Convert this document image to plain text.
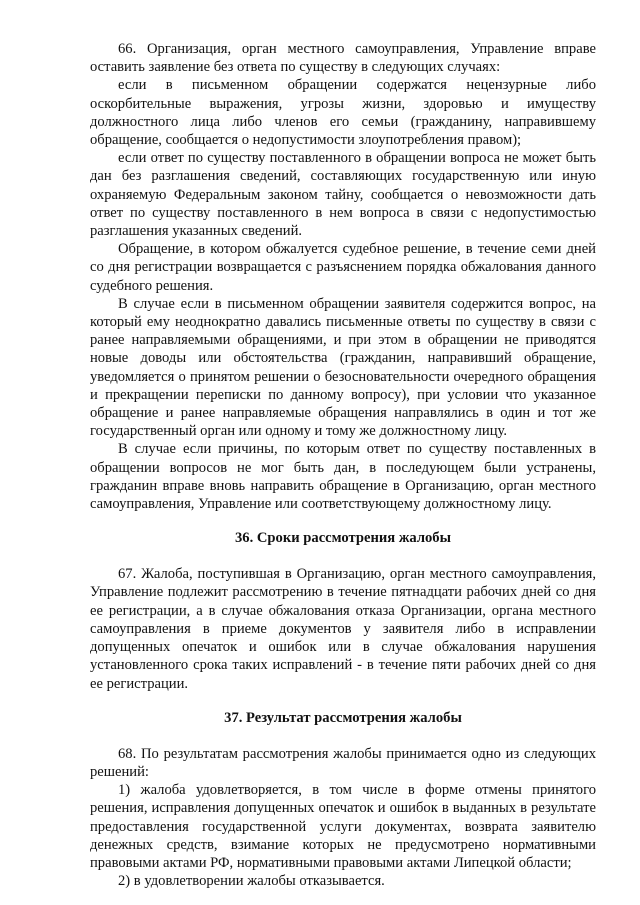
66. Организация, орган местного самоуправления, Управление вправе оставить заявление без ответа по существу в следующих случаях:

если в письменном обращении содержатся нецензурные либо оскорбительные выражения, угрозы жизни, здоровью и имуществу должностного лица либо членов его семьи (гражданину, направившему обращение, сообщается о недопустимости злоупотребления правом);

если ответ по существу поставленного в обращении вопроса не может быть дан без разглашения сведений, составляющих государственную или иную охраняемую Федеральным законом тайну, сообщается о невозможности дать ответ по существу поставленного в нем вопроса в связи с недопустимостью разглашения указанных сведений.

Обращение, в котором обжалуется судебное решение, в течение семи дней со дня регистрации возвращается с разъяснением порядка обжалования данного судебного решения.

В случае если в письменном обращении заявителя содержится вопрос, на который ему неоднократно давались письменные ответы по существу в связи с ранее направляемыми обращениями, и при этом в обращении не приводятся новые доводы или обстоятельства (гражданин, направивший обращение, уведомляется о принятом решении о безосновательности очередного обращения и прекращении переписки по данному вопросу), при условии что указанное обращение и ранее направляемые обращения направлялись в один и тот же государственный орган или одному и тому же должностному лицу.

В случае если причины, по которым ответ по существу поставленных в обращении вопросов не мог быть дан, в последующем были устранены, гражданин вправе вновь направить обращение в Организацию, орган местного самоуправления, Управление или соответствующему должностному лицу.

36. Сроки рассмотрения жалобы

67. Жалоба, поступившая в Организацию, орган местного самоуправления, Управление подлежит рассмотрению в течение пятнадцати рабочих дней со дня ее регистрации, а в случае обжалования отказа Организации, органа местного самоуправления в приеме документов у заявителя либо в исправлении допущенных опечаток и ошибок или в случае обжалования нарушения установленного срока таких исправлений - в течение пяти рабочих дней со дня ее регистрации.

37. Результат рассмотрения жалобы

68. По результатам рассмотрения жалобы принимается одно из следующих решений:

1) жалоба удовлетворяется, в том числе в форме отмены принятого решения, исправления допущенных опечаток и ошибок в выданных в результате предоставления государственной услуги документах, возврата заявителю денежных средств, взимание которых не предусмотрено нормативными правовыми актами РФ, нормативными правовыми актами Липецкой области;

2) в удовлетворении жалобы отказывается.
